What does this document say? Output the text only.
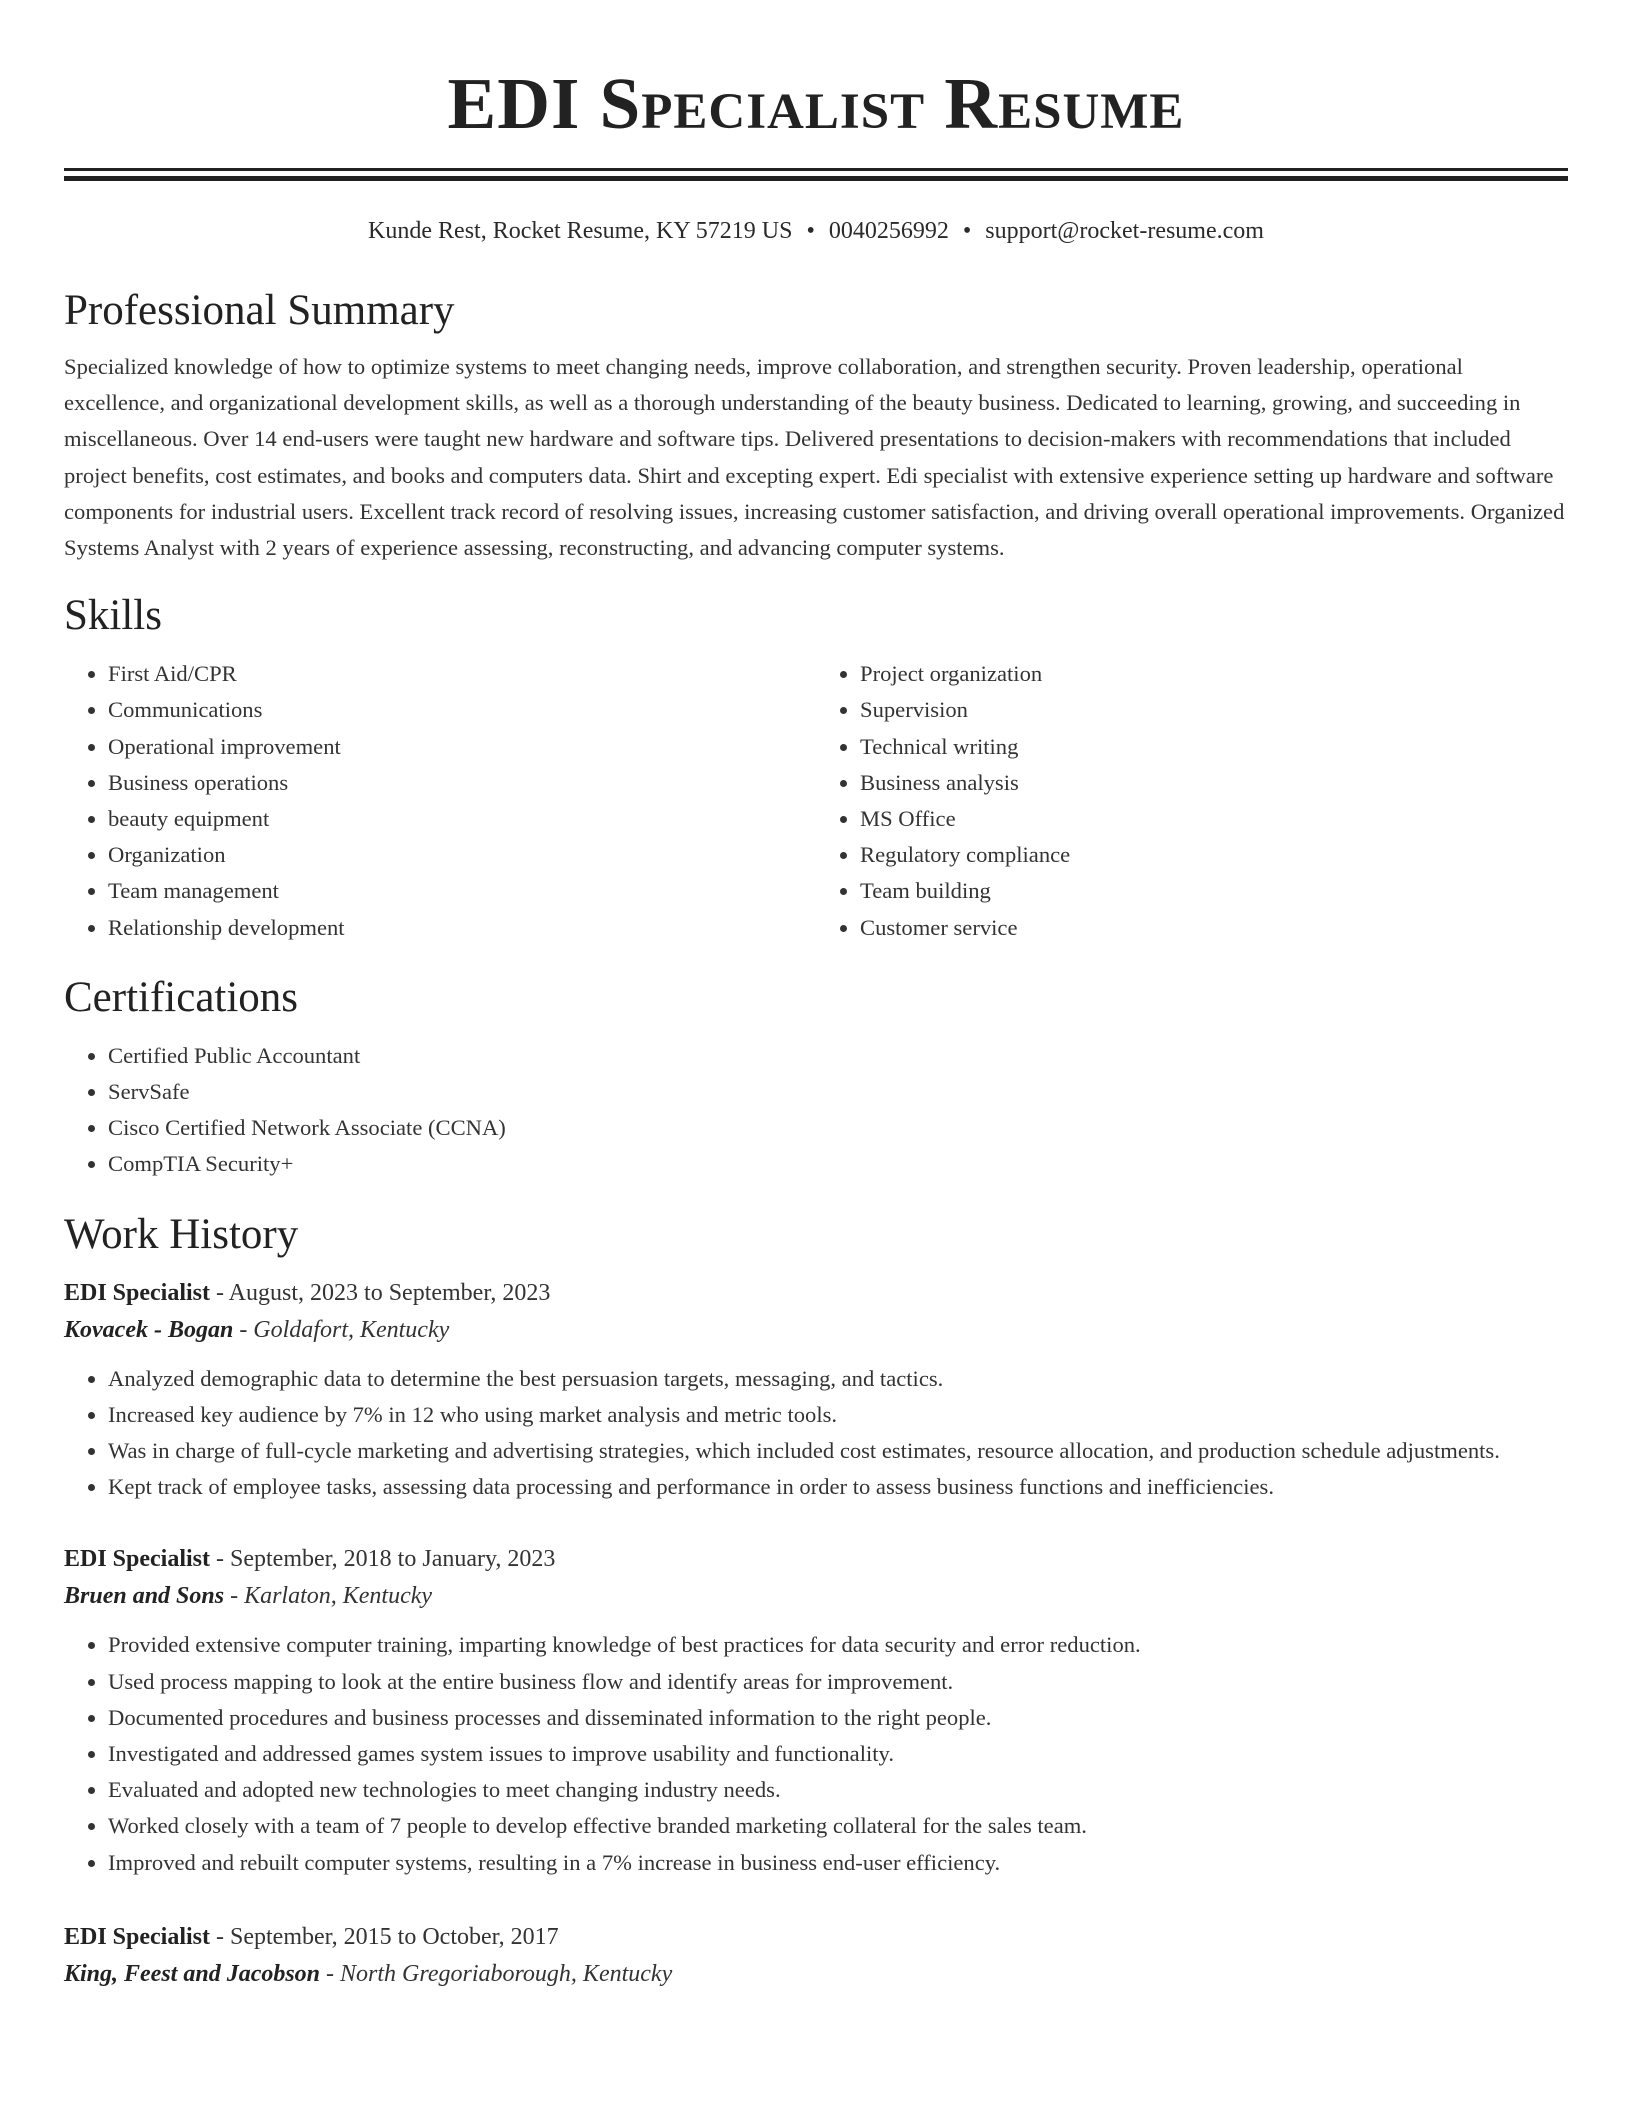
EDI Specialist Resume
Kunde Rest, Rocket Resume, KY 57219 US • 0040256992 • support@rocket-resume.com
Professional Summary
Specialized knowledge of how to optimize systems to meet changing needs, improve collaboration, and strengthen security. Proven leadership, operational excellence, and organizational development skills, as well as a thorough understanding of the beauty business. Dedicated to learning, growing, and succeeding in miscellaneous. Over 14 end-users were taught new hardware and software tips. Delivered presentations to decision-makers with recommendations that included project benefits, cost estimates, and books and computers data. Shirt and excepting expert. Edi specialist with extensive experience setting up hardware and software components for industrial users. Excellent track record of resolving issues, increasing customer satisfaction, and driving overall operational improvements. Organized Systems Analyst with 2 years of experience assessing, reconstructing, and advancing computer systems.
Skills
• First Aid/CPR
• Communications
• Operational improvement
• Business operations
• beauty equipment
• Organization
• Team management
• Relationship development
• Project organization
• Supervision
• Technical writing
• Business analysis
• MS Office
• Regulatory compliance
• Team building
• Customer service
Certifications
• Certified Public Accountant
• ServSafe
• Cisco Certified Network Associate (CCNA)
• CompTIA Security+
Work History
EDI Specialist - August, 2023 to September, 2023
Kovacek - Bogan - Goldafort, Kentucky
• Analyzed demographic data to determine the best persuasion targets, messaging, and tactics.
• Increased key audience by 7% in 12 who using market analysis and metric tools.
• Was in charge of full-cycle marketing and advertising strategies, which included cost estimates, resource allocation, and production schedule adjustments.
• Kept track of employee tasks, assessing data processing and performance in order to assess business functions and inefficiencies.
EDI Specialist - September, 2018 to January, 2023
Bruen and Sons - Karlaton, Kentucky
• Provided extensive computer training, imparting knowledge of best practices for data security and error reduction.
• Used process mapping to look at the entire business flow and identify areas for improvement.
• Documented procedures and business processes and disseminated information to the right people.
• Investigated and addressed games system issues to improve usability and functionality.
• Evaluated and adopted new technologies to meet changing industry needs.
• Worked closely with a team of 7 people to develop effective branded marketing collateral for the sales team.
• Improved and rebuilt computer systems, resulting in a 7% increase in business end-user efficiency.
EDI Specialist - September, 2015 to October, 2017
King, Feest and Jacobson - North Gregoriaborough, Kentucky
